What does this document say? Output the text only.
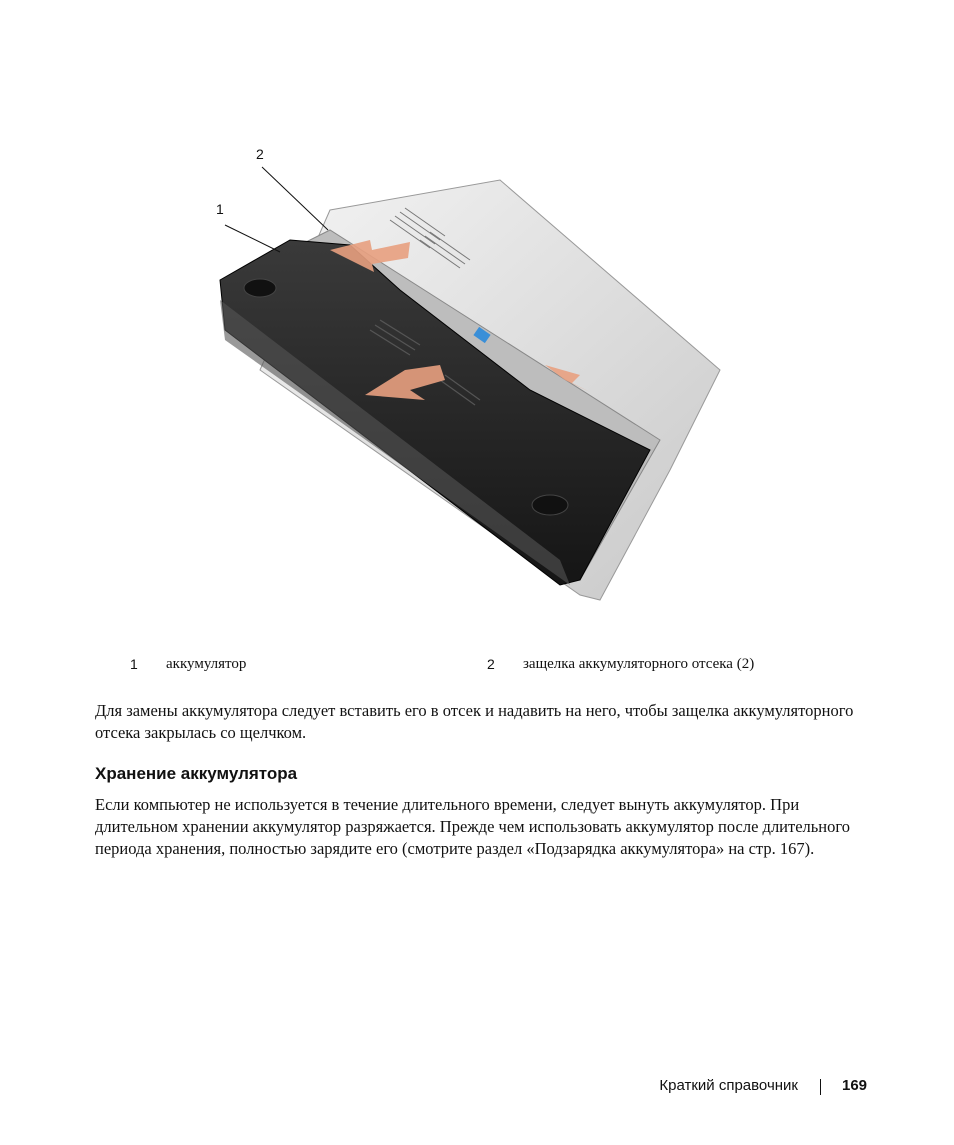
1
2
1 аккумулятор	2 защелка аккумуляторного отсека (2)

Для замены аккумулятора следует вставить его в отсек и надавить на него, чтобы защелка аккумуляторного отсека закрылась со щелчком.

Хранение аккумулятора

Если компьютер не используется в течение длительного времени, следует вынуть аккумулятор. При длительном хранении аккумулятор разряжается. Прежде чем использовать аккумулятор после длительного периода хранения, полностью зарядите его (смотрите раздел «Подзарядка аккумулятора» на стр. 167).

Краткий справочник	169
